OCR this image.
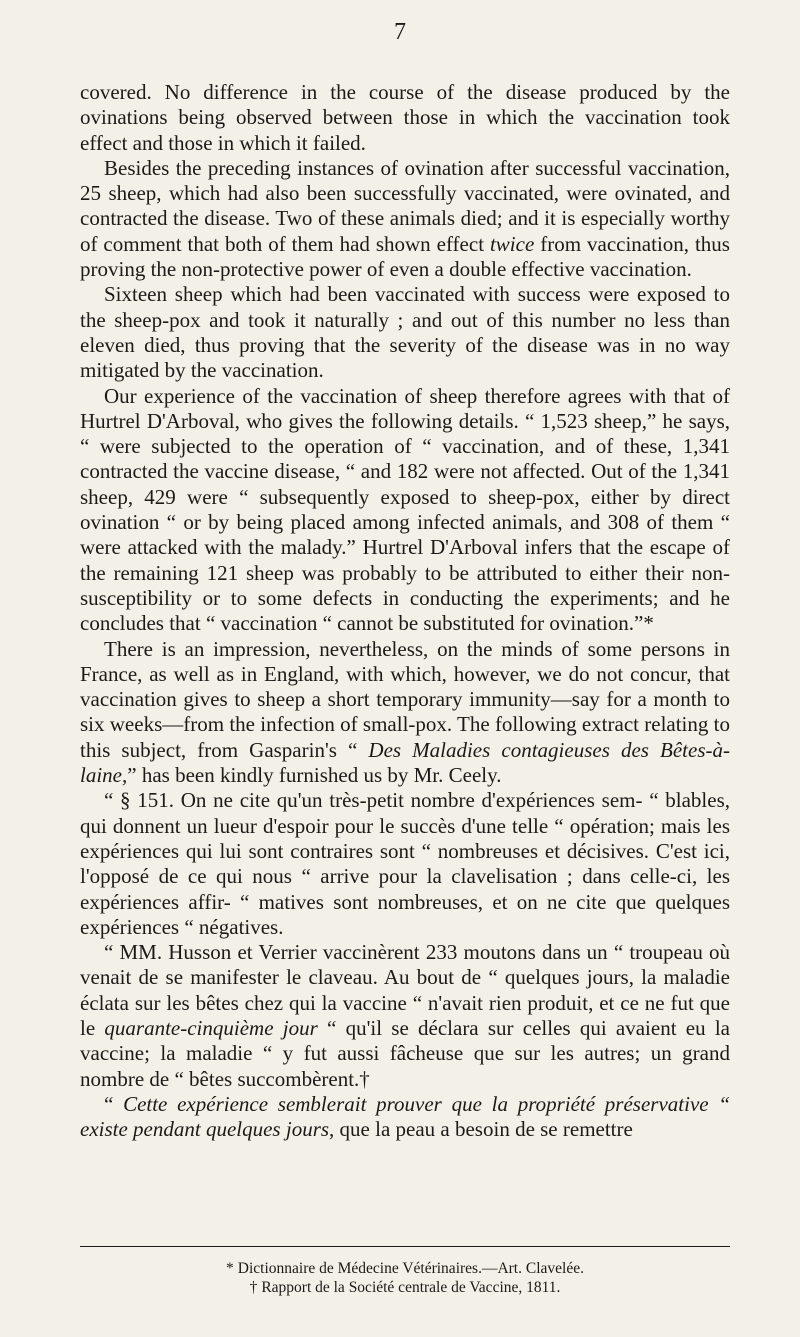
7

covered. No difference in the course of the disease produced by the ovinations being observed between those in which the vaccination took effect and those in which it failed.

Besides the preceding instances of ovination after successful vaccination, 25 sheep, which had also been successfully vaccinated, were ovinated, and contracted the disease. Two of these animals died; and it is especially worthy of comment that both of them had shown effect twice from vaccination, thus proving the non-protective power of even a double effective vaccination.

Sixteen sheep which had been vaccinated with success were exposed to the sheep-pox and took it naturally ; and out of this number no less than eleven died, thus proving that the severity of the disease was in no way mitigated by the vaccination.

Our experience of the vaccination of sheep therefore agrees with that of Hurtrel D'Arboval, who gives the following details. “ 1,523 sheep,” he says, “ were subjected to the operation of “ vaccination, and of these, 1,341 contracted the vaccine disease, “ and 182 were not affected. Out of the 1,341 sheep, 429 were “ subsequently exposed to sheep-pox, either by direct ovination “ or by being placed among infected animals, and 308 of them “ were attacked with the malady.” Hurtrel D'Arboval infers that the escape of the remaining 121 sheep was probably to be attributed to either their non-susceptibility or to some defects in conducting the experiments; and he concludes that “ vaccination “ cannot be substituted for ovination.”*

There is an impression, nevertheless, on the minds of some persons in France, as well as in England, with which, however, we do not concur, that vaccination gives to sheep a short temporary immunity—say for a month to six weeks—from the infection of small-pox. The following extract relating to this subject, from Gasparin's “ Des Maladies contagieuses des Bêtes-à-laine,” has been kindly furnished us by Mr. Ceely.

“ § 151. On ne cite qu'un très-petit nombre d'expériences sem- “ blables, qui donnent un lueur d'espoir pour le succès d'une telle “ opération; mais les expériences qui lui sont contraires sont “ nombreuses et décisives. C'est ici, l'opposé de ce qui nous “ arrive pour la clavelisation ; dans celle-ci, les expériences affir- “ matives sont nombreuses, et on ne cite que quelques expériences “ négatives.

“ MM. Husson et Verrier vaccinèrent 233 moutons dans un “ troupeau où venait de se manifester le claveau. Au bout de “ quelques jours, la maladie éclata sur les bêtes chez qui la vaccine “ n'avait rien produit, et ce ne fut que le quarante-cinquième jour “ qu'il se déclara sur celles qui avaient eu la vaccine; la maladie “ y fut aussi fâcheuse que sur les autres; un grand nombre de “ bêtes succombèrent.†

“ Cette expérience semblerait prouver que la propriété préservative “ existe pendant quelques jours, que la peau a besoin de se remettre

* Dictionnaire de Médecine Vétérinaires.—Art. Clavelée.

† Rapport de la Société centrale de Vaccine, 1811.
